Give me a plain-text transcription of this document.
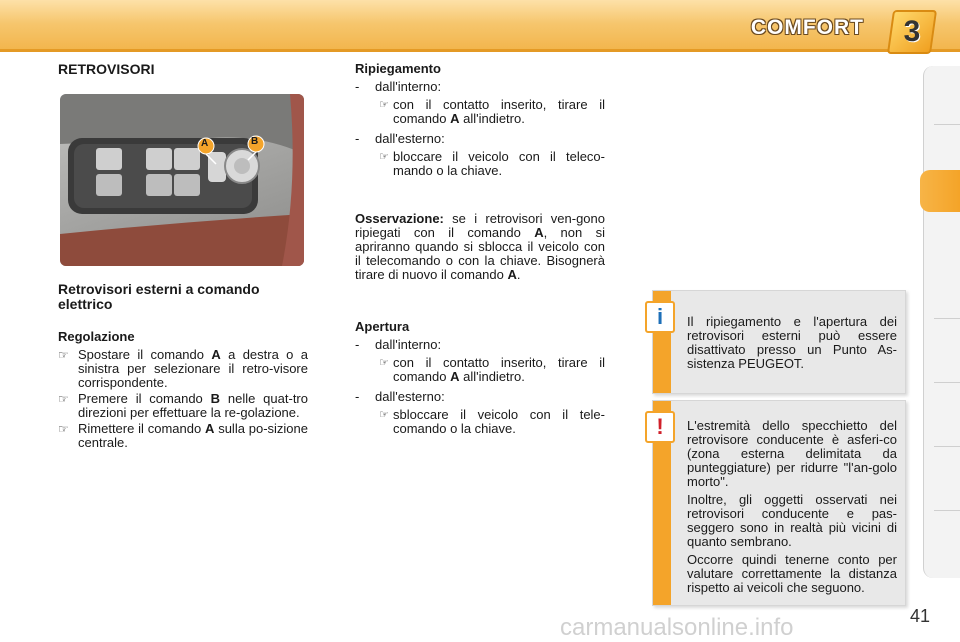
COMFORT	3
RETROVISORI
A	B
Retrovisori esterni a comando elettrico
Regolazione
☞ Spostare il comando A a destra o a sinistra per selezionare il retro-visore corrispondente.
☞ Premere il comando B nelle quat-tro direzioni per effettuare la re-golazione.
☞ Rimettere il comando A sulla po-sizione centrale.
Ripiegamento
-	dall'interno:
☞ con il contatto inserito, tirare il comando A all'indietro.
-	dall'esterno:
☞ bloccare il veicolo con il teleco-mando o la chiave.

Osservazione: se i retrovisori ven-gono ripiegati con il comando A, non si apriranno quando si sblocca il veicolo con il telecomando o con la chiave. Bisognerà tirare di nuovo il comando A.

Apertura
-	dall'interno:
☞ con il contatto inserito, tirare il comando A all'indietro.
-	dall'esterno:
☞ sbloccare il veicolo con il tele-comando o la chiave.
i	Il ripiegamento e l'apertura dei retrovisori esterni può essere disattivato presso un Punto As-sistenza PEUGEOT.

!	L'estremità dello specchietto del retrovisore conducente è asferi-co (zona esterna delimitata da punteggiature) per ridurre "l'an-golo morto".

Inoltre, gli oggetti osservati nei retrovisori conducente e pas-seggero sono in realtà più vicini di quanto sembrano.

Occorre quindi tenerne conto per valutare correttamente la distanza rispetto ai veicoli che seguono.

41
carmanualsonline.info
